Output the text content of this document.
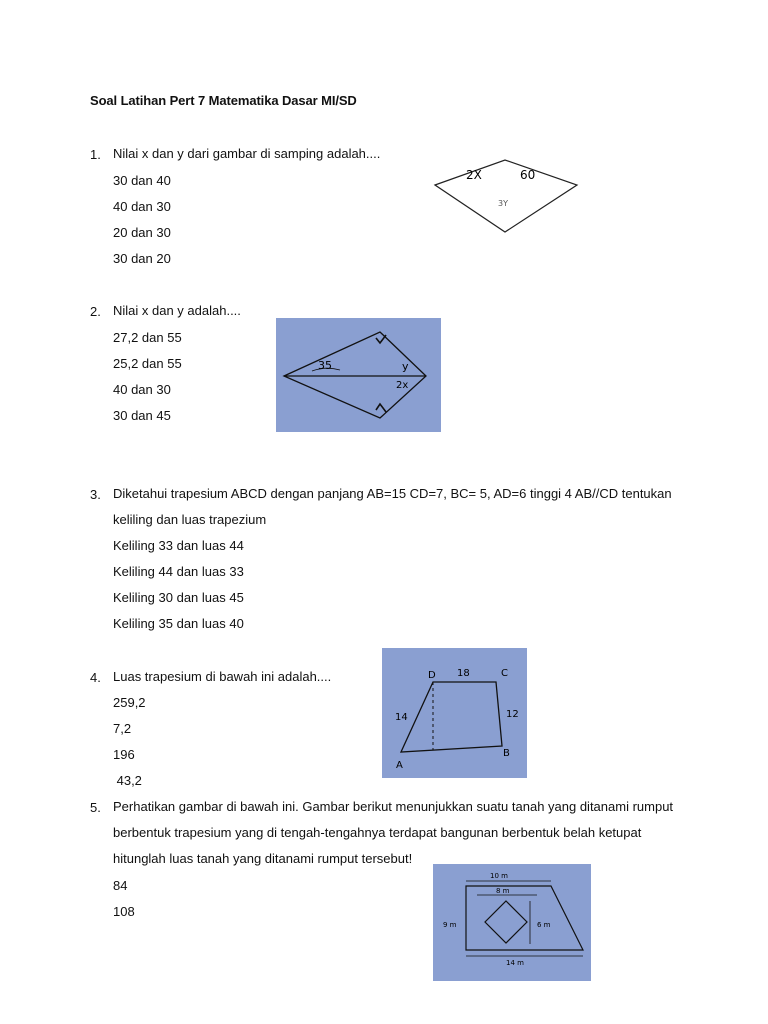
Soal Latihan Pert 7 Matematika Dasar MI/SD
1. Nilai x dan y dari gambar di samping adalah....
30 dan 40
40 dan 30
20 dan 30
30 dan 20
2X	60
3Y
2. Nilai x dan y adalah....
27,2 dan 55
25,2 dan 55
40 dan 30
30 dan 45
35	y
2x
3. Diketahui trapesium ABCD dengan panjang AB=15 CD=7, BC= 5, AD=6 tinggi 4 AB//CD tentukan
keliling dan luas trapezium
Keliling 33 dan luas 44
Keliling 44 dan luas 33
Keliling 30 dan luas 45
Keliling 35 dan luas 40
4. Luas trapesium di bawah ini adalah....
259,2
7,2
196
43,2
D 18	C
14	12
A
B
5. Perhatikan gambar di bawah ini. Gambar berikut menunjukkan suatu tanah yang ditanami rumput
berbentuk trapesium yang di tengah-tengahnya terdapat bangunan berbentuk belah ketupat
hitunglah luas tanah yang ditanami rumput tersebut!
84
108
10 m
8 m
9 m	6 m
14 m
